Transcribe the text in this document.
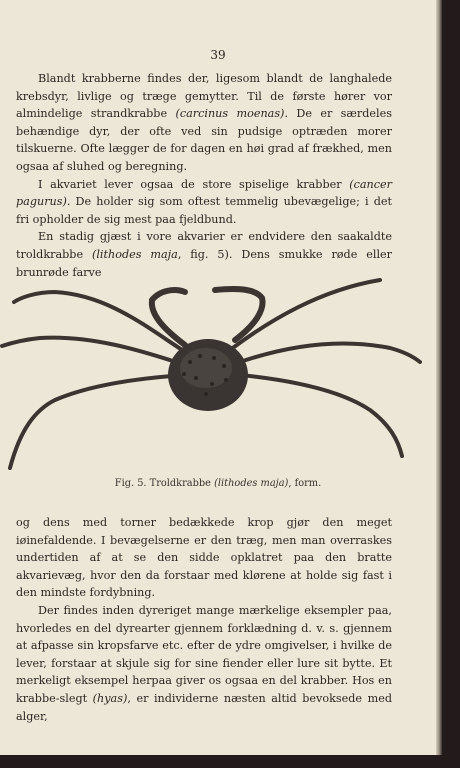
39

Blandt krabberne findes der, ligesom blandt de langhalede krebsdyr, livlige og træge gemytter. Til de første hører vor almindelige strandkrabbe (carcinus moenas). De er særdeles behændige dyr, der ofte ved sin pudsige optræden morer tilskuerne. Ofte lægger de for dagen en høi grad af frækhed, men ogsaa af sluhed og beregning.

I akvariet lever ogsaa de store spiselige krabber (cancer pagurus). De holder sig som oftest temmelig ubevægelige; i det fri opholder de sig mest paa fjeldbund.

En stadig gjæst i vore akvarier er endvidere den saakaldte troldkrabbe (lithodes maja, fig. 5). Dens smukke røde eller brunrøde farve

Fig. 5. Troldkrabbe (lithodes maja), form.

og dens med torner bedækkede krop gjør den meget iøinefaldende. I bevægelserne er den træg, men man overraskes undertiden af at se den sidde opklatret paa den bratte akvarievæg, hvor den da forstaar med klørene at holde sig fast i den mindste fordybning.

Der findes inden dyreriget mange mærkelige eksempler paa, hvorledes en del dyrearter gjennem forklædning d. v. s. gjennem at afpasse sin kropsfarve etc. efter de ydre omgivelser, i hvilke de lever, forstaar at skjule sig for sine fiender eller lure sit bytte. Et merkeligt eksempel herpaa giver os ogsaa en del krabber. Hos en krabbe-slegt (hyas), er individerne næsten altid bevoksede med alger,
